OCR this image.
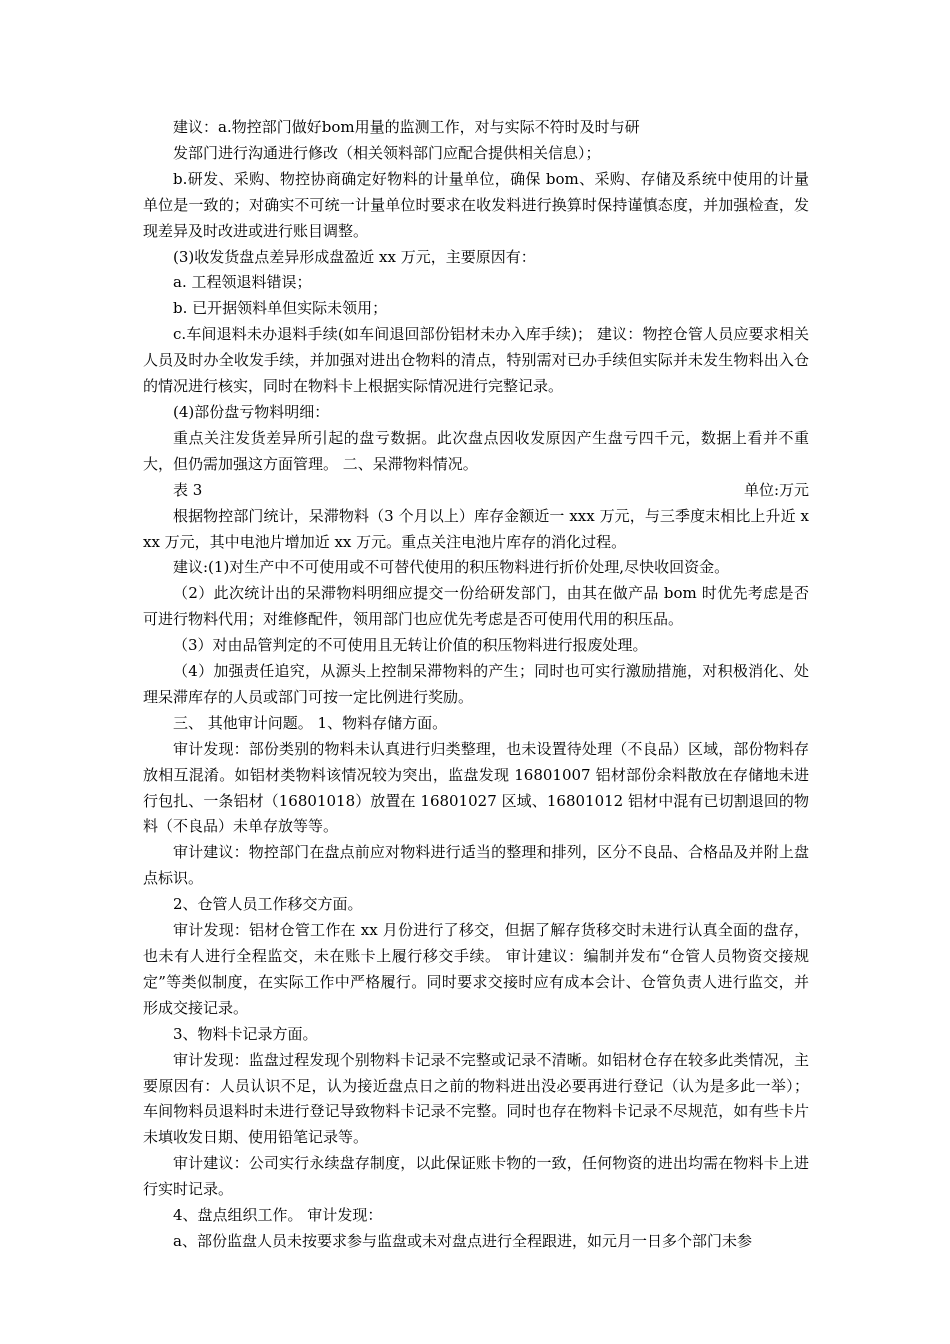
建议：a.物控部门做好bom用量的监测工作，对与实际不符时及时与研

发部门进行沟通进行修改（相关领料部门应配合提供相关信息）；

b.研发、采购、物控协商确定好物料的计量单位，确保 bom、采购、存储及系统中使用的计量单位是一致的；对确实不可统一计量单位时要求在收发料进行换算时保持谨慎态度，并加强检查，发现差异及时改进或进行账目调整。

(3)收发货盘点差异形成盘盈近 xx 万元，主要原因有：

a. 工程领退料错误；

b. 已开据领料单但实际未领用；

c.车间退料未办退料手续(如车间退回部份铝材未办入库手续)； 建议：物控仓管人员应要求相关人员及时办全收发手续，并加强对进出仓物料的清点，特别需对已办手续但实际并未发生物料出入仓的情况进行核实，同时在物料卡上根据实际情况进行完整记录。

(4)部份盘亏物料明细：

重点关注发货差异所引起的盘亏数据。此次盘点因收发原因产生盘亏四千元，数据上看并不重大，但仍需加强这方面管理。 二、呆滞物料情况。

表 3	单位:万元

根据物控部门统计，呆滞物料（3 个月以上）库存金额近一 xxx 万元，与三季度末相比上升近 xxx 万元，其中电池片增加近 xx 万元。重点关注电池片库存的消化过程。

建议:(1)对生产中不可使用或不可替代使用的积压物料进行折价处理,尽快收回资金。

（2）此次统计出的呆滞物料明细应提交一份给研发部门，由其在做产品 bom 时优先考虑是否可进行物料代用；对维修配件，领用部门也应优先考虑是否可使用代用的积压品。

（3）对由品管判定的不可使用且无转让价值的积压物料进行报废处理。

（4）加强责任追究，从源头上控制呆滞物料的产生；同时也可实行激励措施，对积极消化、处理呆滞库存的人员或部门可按一定比例进行奖励。

三、 其他审计问题。 1、物料存储方面。

审计发现：部份类别的物料未认真进行归类整理，也未设置待处理（不良品）区域，部份物料存放相互混淆。如铝材类物料该情况较为突出，监盘发现 16801007 铝材部份余料散放在存储地未进行包扎、一条铝材（16801018）放置在 16801027 区域、16801012 铝材中混有已切割退回的物料（不良品）未单存放等等。

审计建议：物控部门在盘点前应对物料进行适当的整理和排列，区分不良品、合格品及并附上盘点标识。

2、仓管人员工作移交方面。

审计发现：铝材仓管工作在 xx 月份进行了移交，但据了解存货移交时未进行认真全面的盘存，也未有人进行全程监交，未在账卡上履行移交手续。 审计建议：编制并发布“仓管人员物资交接规定”等类似制度，在实际工作中严格履行。同时要求交接时应有成本会计、仓管负责人进行监交，并形成交接记录。

3、物料卡记录方面。

审计发现：监盘过程发现个别物料卡记录不完整或记录不清晰。如铝材仓存在较多此类情况，主要原因有：人员认识不足，认为接近盘点日之前的物料进出没必要再进行登记（认为是多此一举）；车间物料员退料时未进行登记导致物料卡记录不完整。同时也存在物料卡记录不尽规范，如有些卡片未填收发日期、使用铅笔记录等。

审计建议：公司实行永续盘存制度，以此保证账卡物的一致，任何物资的进出均需在物料卡上进行实时记录。

4、盘点组织工作。 审计发现：

a、部份监盘人员未按要求参与监盘或未对盘点进行全程跟进，如元月一日多个部门未参
